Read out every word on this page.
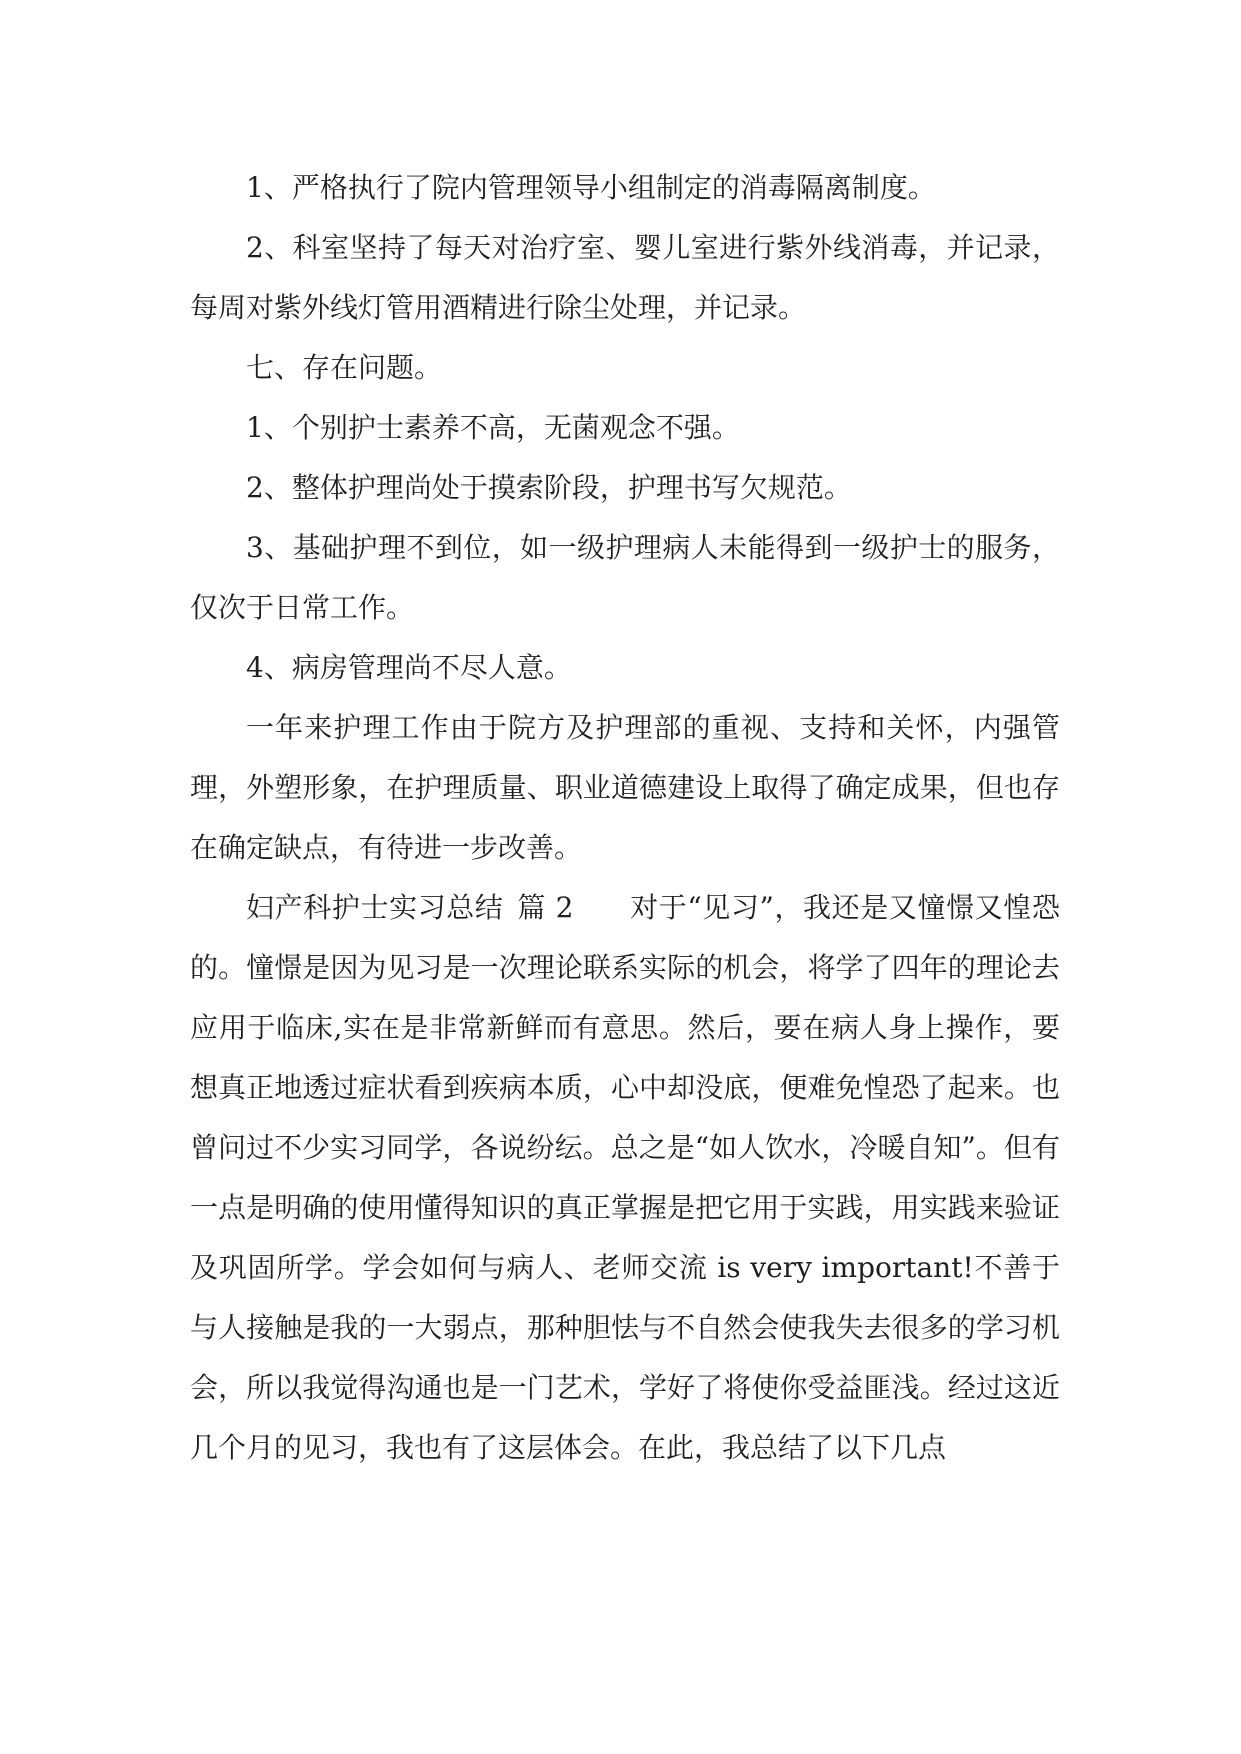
1、严格执行了院内管理领导小组制定的消毒隔离制度。

2、科室坚持了每天对治疗室、婴儿室进行紫外线消毒，并记录，每周对紫外线灯管用酒精进行除尘处理，并记录。

七、存在问题。

1、个别护士素养不高，无菌观念不强。

2、整体护理尚处于摸索阶段，护理书写欠规范。

3、基础护理不到位，如一级护理病人未能得到一级护士的服务，仅次于日常工作。

4、病房管理尚不尽人意。

一年来护理工作由于院方及护理部的重视、支持和关怀，内强管理，外塑形象，在护理质量、职业道德建设上取得了确定成果，但也存在确定缺点，有待进一步改善。

妇产科护士实习总结 篇 2 对于“见习”，我还是又憧憬又惶恐的。憧憬是因为见习是一次理论联系实际的机会，将学了四年的理论去应用于临床,实在是非常新鲜而有意思。然后，要在病人身上操作，要想真正地透过症状看到疾病本质，心中却没底，便难免惶恐了起来。也曾问过不少实习同学，各说纷纭。总之是“如人饮水，冷暖自知”。但有一点是明确的使用懂得知识的真正掌握是把它用于实践，用实践来验证及巩固所学。学会如何与病人、老师交流 is very important!不善于与人接触是我的一大弱点，那种胆怯与不自然会使我失去很多的学习机会，所以我觉得沟通也是一门艺术，学好了将使你受益匪浅。经过这近几个月的见习，我也有了这层体会。在此，我总结了以下几点
